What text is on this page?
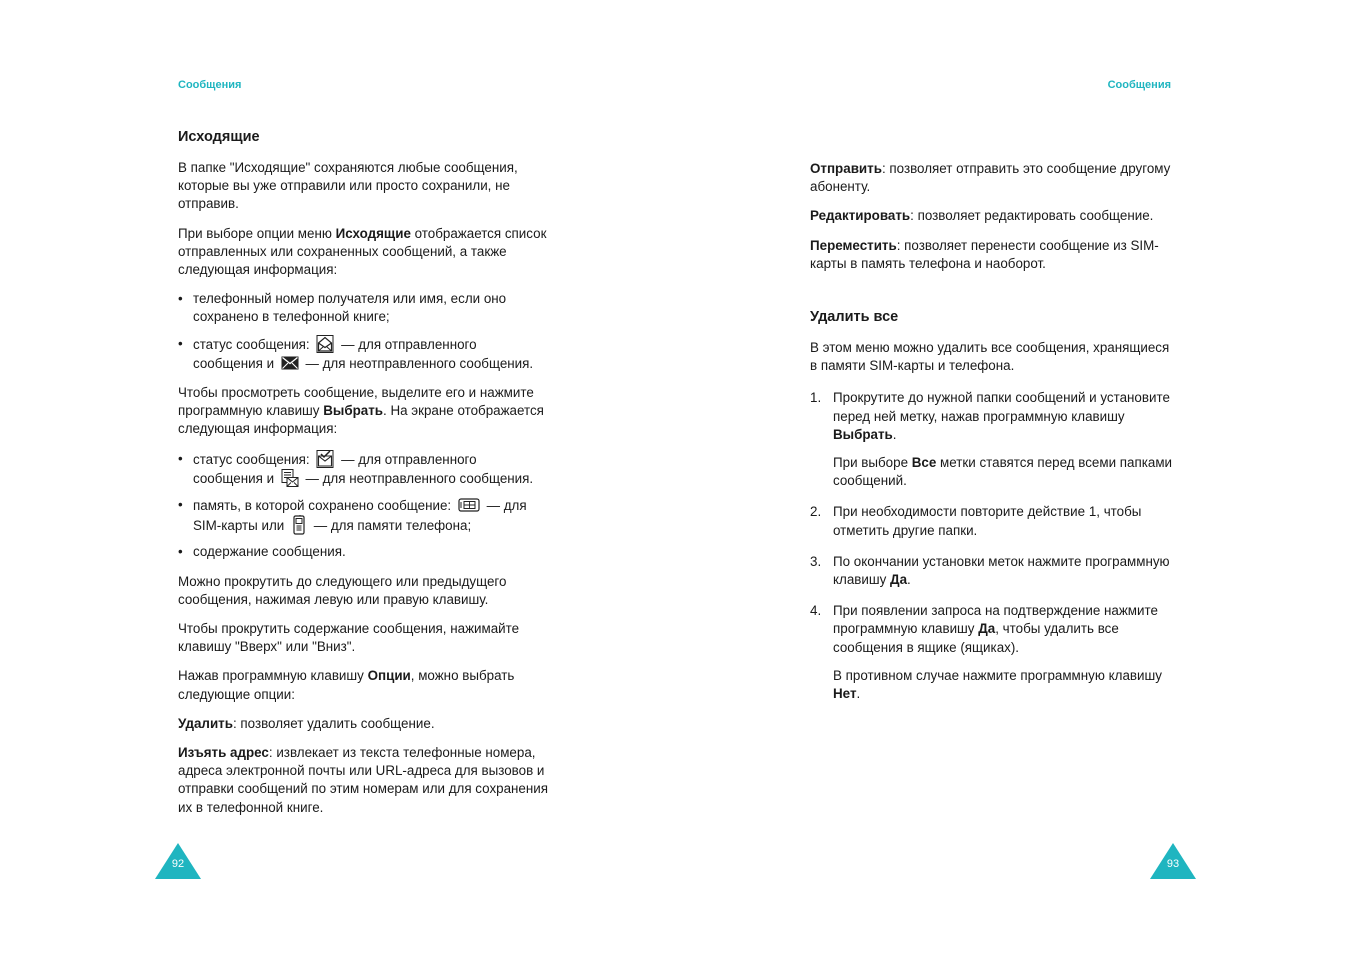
Сообщения
Исходящие

В папке "Исходящие" сохраняются любые сообщения, которые вы уже отправили или просто сохранили, не отправив.

При выборе опции меню Исходящие отображается список отправленных или сохраненных сообщений, а также следующая информация:

• телефонный номер получателя или имя, если оно сохранено в телефонной книге;
• статус сообщения:
— для отправленного сообщения и
— для неотправленного сообщения.

Чтобы просмотреть сообщение, выделите его и нажмите программную клавишу Выбрать. На экране отображается следующая информация:

• статус сообщения:
— для отправленного сообщения и
— для неотправленного сообщения.
• память, в которой сохранено сообщение:
— для SIM-карты или
— для памяти телефона;
• содержание сообщения.

Можно прокрутить до следующего или предыдущего сообщения, нажимая левую или правую клавишу.

Чтобы прокрутить содержание сообщения, нажимайте клавишу "Вверх" или "Вниз".

Нажав программную клавишу Опции, можно выбрать следующие опции:

Удалить: позволяет удалить сообщение.

Изъять адрес: извлекает из текста телефонные номера, адреса электронной почты или URL-адреса для вызовов и отправки сообщений по этим номерам или для сохранения их в телефонной книге.

92
Сообщения

Отправить: позволяет отправить это сообщение другому абоненту.

Редактировать: позволяет редактировать сообщение.

Переместить: позволяет перенести сообщение из SIM-карты в память телефона и наоборот.

Удалить все

В этом меню можно удалить все сообщения, хранящиеся в памяти SIM-карты и телефона.

1. Прокрутите до нужной папки сообщений и установите перед ней метку, нажав программную клавишу Выбрать.

При выборе Все метки ставятся перед всеми папками сообщений.

2. При необходимости повторите действие 1, чтобы отметить другие папки.
3. По окончании установки меток нажмите программную клавишу Да.
4. При появлении запроса на подтверждение нажмите программную клавишу Да, чтобы удалить все сообщения в ящике (ящиках).

В противном случае нажмите программную клавишу Нет.

93
